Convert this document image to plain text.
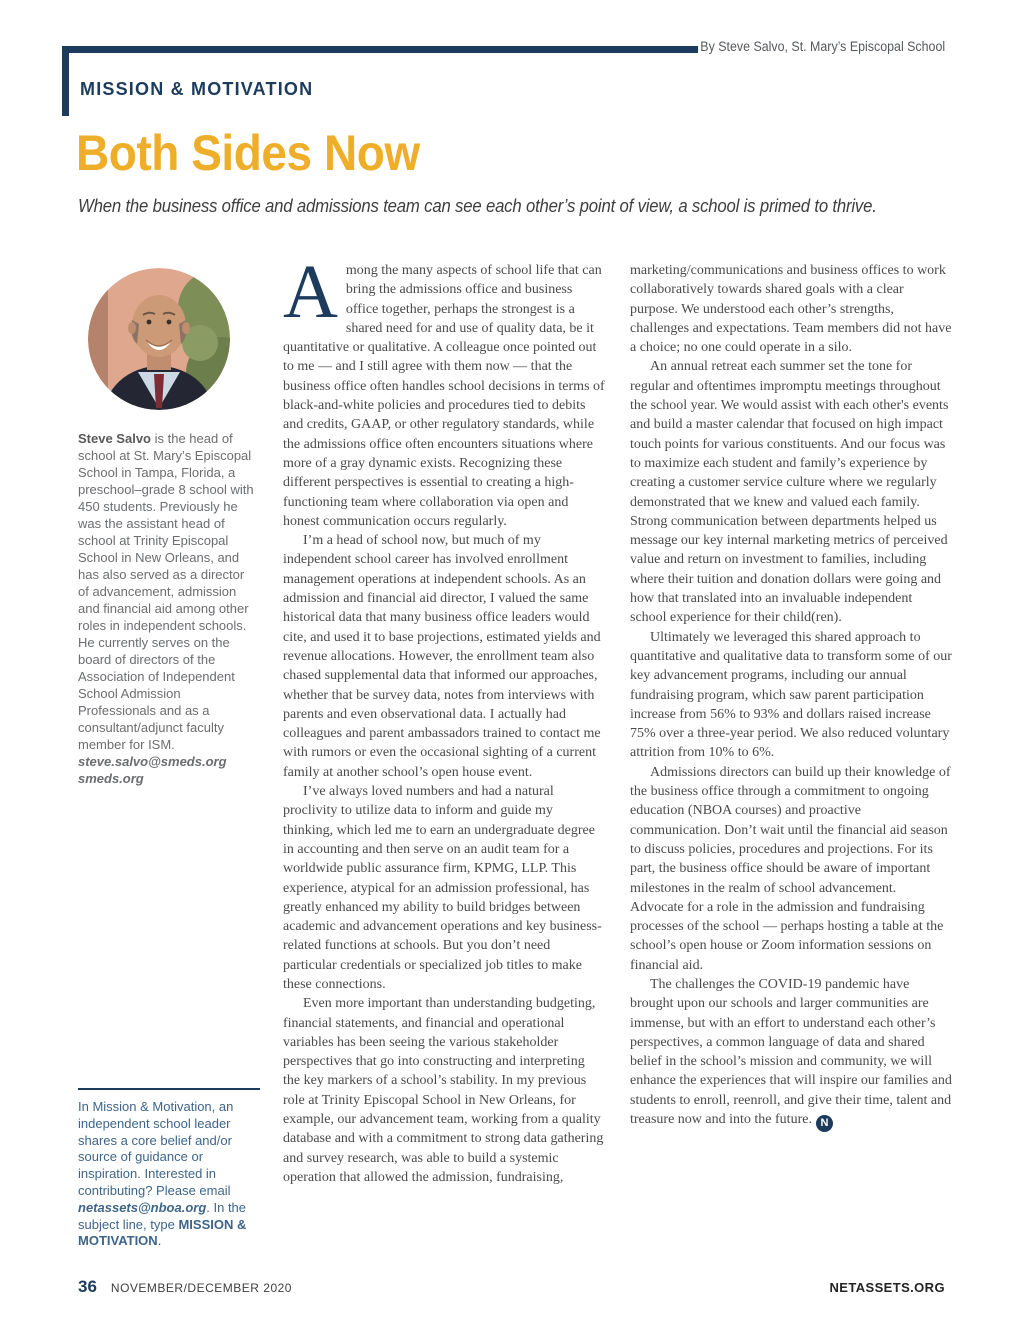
By Steve Salvo, St. Mary’s Episcopal School
MISSION & MOTIVATION
Both Sides Now
When the business office and admissions team can see each other’s point of view, a school is primed to thrive.

Steve Salvo is the head of school at St. Mary’s Episcopal School in Tampa, Florida, a preschool–grade 8 school with 450 students. Previously he was the assistant head of school at Trinity Episcopal School in New Orleans, and has also served as a director of advancement, admission and financial aid among other roles in independent schools. He currently serves on the board of directors of the Association of Independent School Admission Professionals and as a consultant/adjunct faculty member for ISM.

steve.salvo@smeds.org
smeds.org

In Mission & Motivation, an independent school leader shares a core belief and/or source of guidance or inspiration. Interested in contributing? Please email netassets@nboa.org. In the subject line, type MISSION & MOTIVATION.

Among the many aspects of school life that can bring the admissions office and business office together, perhaps the strongest is a shared need for and use of quality data, be it quantitative or qualitative. A colleague once pointed out to me — and I still agree with them now — that the business office often handles school decisions in terms of black-and-white policies and procedures tied to debits and credits, GAAP, or other regulatory standards, while the admissions office often encounters situations where more of a gray dynamic exists. Recognizing these different perspectives is essential to creating a high-functioning team where collaboration via open and honest communication occurs regularly.

I’m a head of school now, but much of my independent school career has involved enrollment management operations at independent schools. As an admission and financial aid director, I valued the same historical data that many business office leaders would cite, and used it to base projections, estimated yields and revenue allocations. However, the enrollment team also chased supplemental data that informed our approaches, whether that be survey data, notes from interviews with parents and even observational data. I actually had colleagues and parent ambassadors trained to contact me with rumors or even the occasional sighting of a current family at another school’s open house event.

I’ve always loved numbers and had a natural proclivity to utilize data to inform and guide my thinking, which led me to earn an undergraduate degree in accounting and then serve on an audit team for a worldwide public assurance firm, KPMG, LLP. This experience, atypical for an admission professional, has greatly enhanced my ability to build bridges between academic and advancement operations and key business-related functions at schools. But you don’t need particular credentials or specialized job titles to make these connections.

Even more important than understanding budgeting, financial statements, and financial and operational variables has been seeing the various stakeholder perspectives that go into constructing and interpreting the key markers of a school’s stability. In my previous role at Trinity Episcopal School in New Orleans, for example, our advancement team, working from a quality database and with a commitment to strong data gathering and survey research, was able to build a systemic operation that allowed the admission, fundraising,

marketing/communications and business offices to work collaboratively towards shared goals with a clear purpose. We understood each other’s strengths, challenges and expectations. Team members did not have a choice; no one could operate in a silo.

An annual retreat each summer set the tone for regular and oftentimes impromptu meetings throughout the school year. We would assist with each other's events and build a master calendar that focused on high impact touch points for various constituents. And our focus was to maximize each student and family’s experience by creating a customer service culture where we regularly demonstrated that we knew and valued each family. Strong communication between departments helped us message our key internal marketing metrics of perceived value and return on investment to families, including where their tuition and donation dollars were going and how that translated into an invaluable independent school experience for their child(ren).

Ultimately we leveraged this shared approach to quantitative and qualitative data to transform some of our key advancement programs, including our annual fundraising program, which saw parent participation increase from 56% to 93% and dollars raised increase 75% over a three-year period. We also reduced voluntary attrition from 10% to 6%.

Admissions directors can build up their knowledge of the business office through a commitment to ongoing education (NBOA courses) and proactive communication. Don’t wait until the financial aid season to discuss policies, procedures and projections. For its part, the business office should be aware of important milestones in the realm of school advancement. Advocate for a role in the admission and fundraising processes of the school — perhaps hosting a table at the school’s open house or Zoom information sessions on financial aid.

The challenges the COVID-19 pandemic have brought upon our schools and larger communities are immense, but with an effort to understand each other’s perspectives, a common language of data and shared belief in the school’s mission and community, we will enhance the experiences that will inspire our families and students to enroll, reenroll, and give their time, talent and treasure now and into the future. N

36 NOVEMBER/DECEMBER 2020	NETASSETS.ORG
